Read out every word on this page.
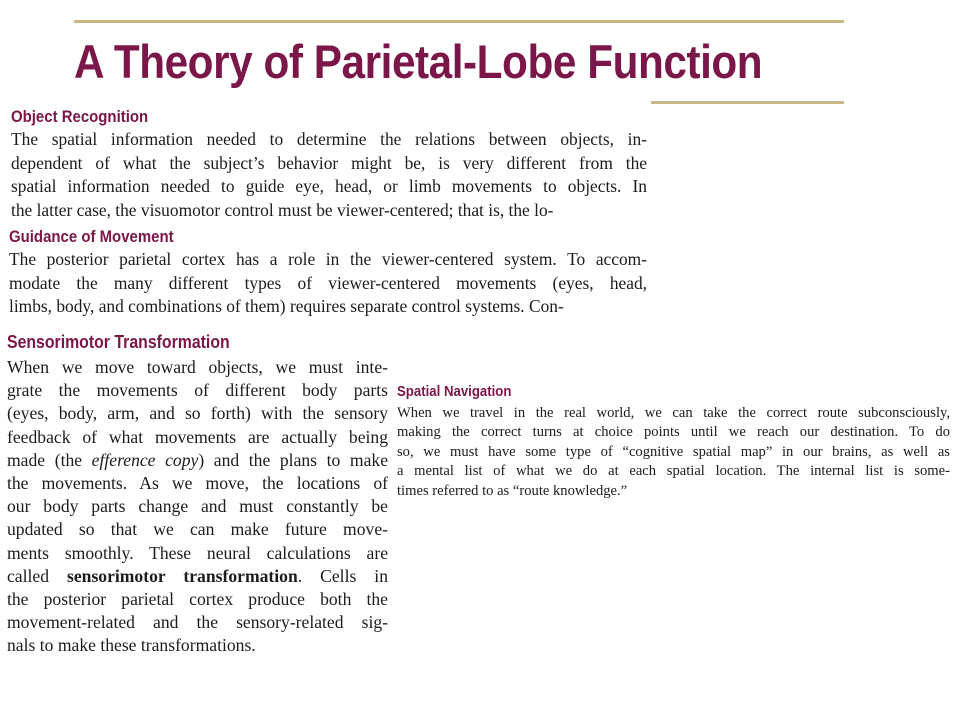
A Theory of Parietal-Lobe Function
Object Recognition

The spatial information needed to determine the relations between objects, in-
dependent of what the subject’s behavior might be, is very different from the
spatial information needed to guide eye, head, or limb movements to objects. In
the latter case, the visuomotor control must be viewer-centered; that is, the lo-

Guidance of Movement

The posterior parietal cortex has a role in the viewer-centered system. To accom-
modate the many different types of viewer-centered movements (eyes, head,
limbs, body, and combinations of them) requires separate control systems. Con-

Sensorimotor Transformation

When we move toward objects, we must inte-
grate the movements of different body parts
(eyes, body, arm, and so forth) with the sensory
feedback of what movements are actually being
made (the efference copy) and the plans to make
the movements. As we move, the locations of
our body parts change and must constantly be
updated so that we can make future move-
ments smoothly. These neural calculations are
called sensorimotor transformation. Cells in
the posterior parietal cortex produce both the
movement-related and the sensory-related sig-
nals to make these transformations.

Spatial Navigation

When we travel in the real world, we can take the correct route subconsciously,
making the correct turns at choice points until we reach our destination. To do
so, we must have some type of “cognitive spatial map” in our brains, as well as
a mental list of what we do at each spatial location. The internal list is some-
times referred to as “route knowledge.”
